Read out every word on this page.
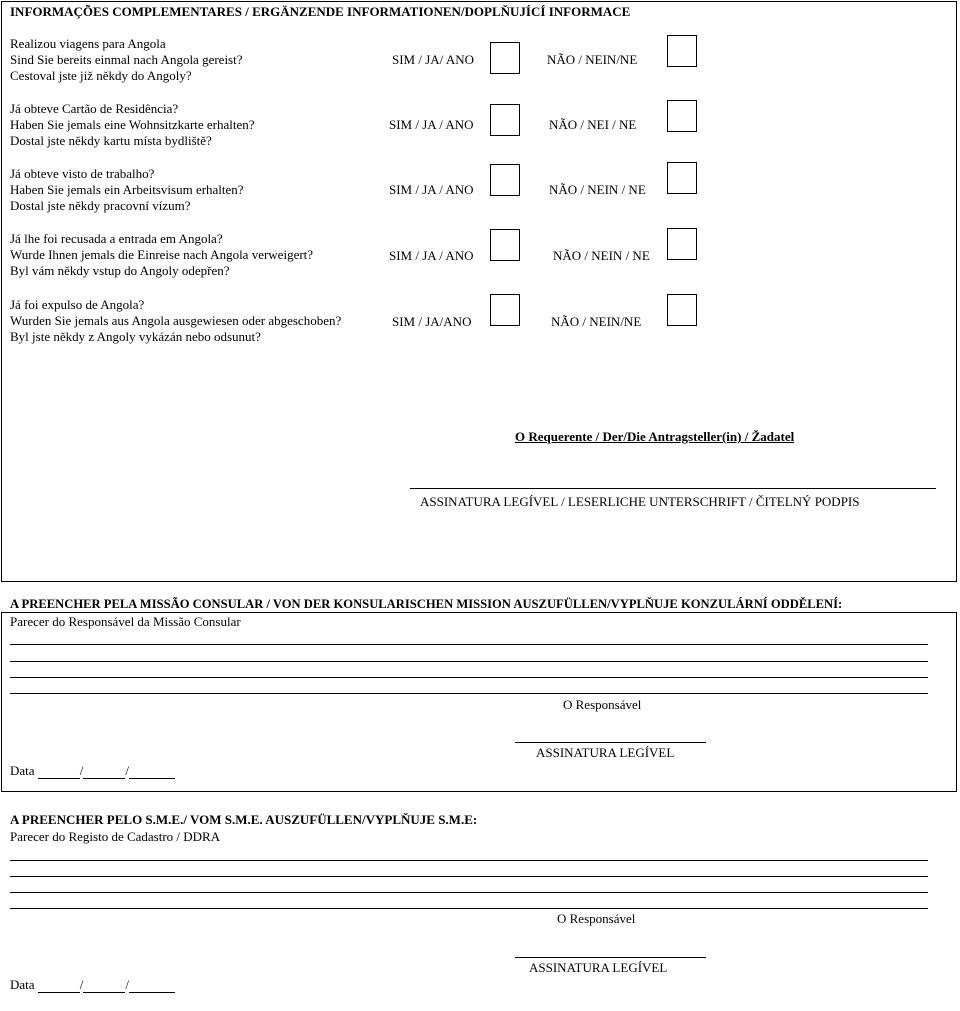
INFORMAÇÕES COMPLEMENTARES / ERGÄNZENDE INFORMATIONEN/DOPLŇUJÍCÍ INFORMACE
Realizou viagens para Angola
Sind Sie bereits einmal nach Angola gereist?
Cestoval jste již někdy do Angoly?
SIM / JA/ ANO	NÃO / NEIN/NE
Já obteve Cartão de Residência?
Haben Sie jemals eine Wohnsitzkarte erhalten?
Dostal jste někdy kartu místa bydliště?
SIM / JA / ANO	NÃO / NEI / NE
Já obteve visto de trabalho?
Haben Sie jemals ein Arbeitsvisum erhalten?
Dostal jste někdy pracovní vízum?
SIM / JA / ANO	NÃO / NEIN / NE
Já lhe foi recusada a entrada em Angola?
Wurde Ihnen jemals die Einreise nach Angola verweigert?
Byl vám někdy vstup do Angoly odepřen?
SIM / JA / ANO	NÃO / NEIN / NE
Já foi expulso de Angola?
Wurden Sie jemals aus Angola ausgewiesen oder abgeschoben?
Byl jste někdy z Angoly vykázán nebo odsunut?
SIM / JA/ANO	NÃO / NEIN/NE
O Requerente / Der/Die Antragsteller(in) / Žadatel
ASSINATURA LEGÍVEL / LESERLICHE UNTERSCHRIFT / ČITELNÝ PODPIS
A PREENCHER PELA MISSÃO CONSULAR / VON DER KONSULARISCHEN MISSION AUSZUFÜLLEN/VYPLŇUJE KONZULÁRNÍ ODDĚLENÍ:
Parecer do Responsável da Missão Consular
O Responsável
ASSINATURA LEGÍVEL
Data	/	/
A PREENCHER PELO S.M.E./ VOM S.M.E. AUSZUFÜLLEN/VYPLŇUJE S.M.E:
Parecer do Registo de Cadastro / DDRA
O Responsável
ASSINATURA LEGÍVEL
Data	/	/
